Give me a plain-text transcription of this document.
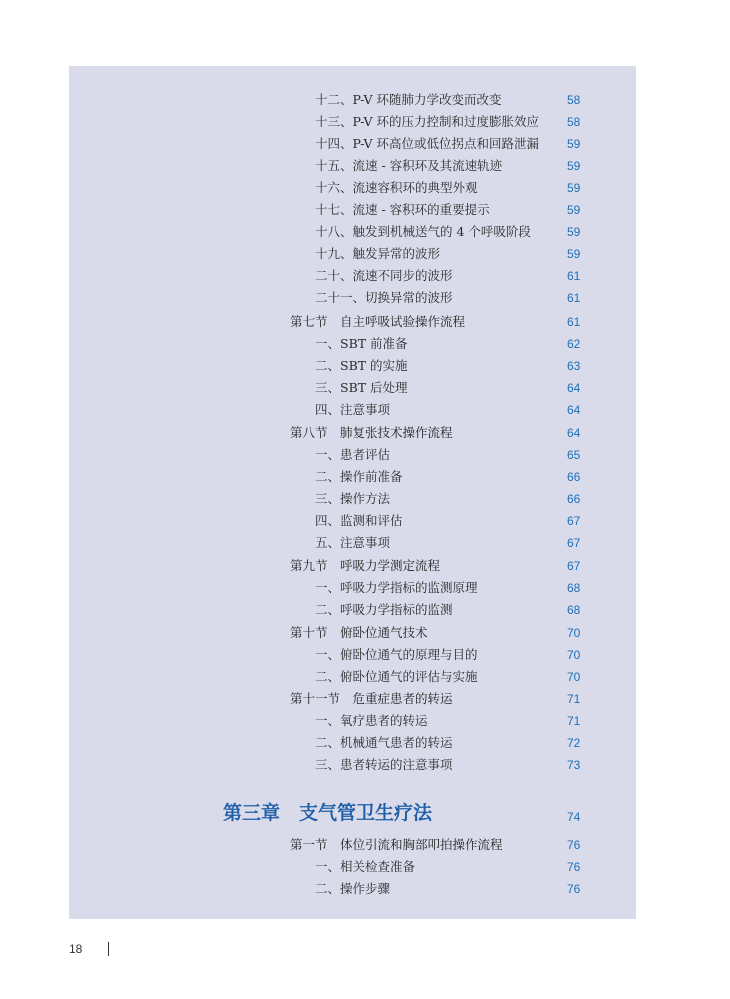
十二、P-V 环随肺力学改变而改变	58
十三、P-V 环的压力控制和过度膨胀效应 58
十四、P-V 环高位或低位拐点和回路泄漏 59
十五、流速 - 容积环及其流速轨迹	59
十六、流速容积环的典型外观	59
十七、流速 - 容积环的重要提示	59
十八、触发到机械送气的 4 个呼吸阶段	59
十九、触发异常的波形	59
二十、流速不同步的波形	61
二十一、切换异常的波形	61
第七节　自主呼吸试验操作流程	61
一、SBT 前准备	62
二、SBT 的实施	63
三、SBT 后处理	64
四、注意事项	64
第八节　肺复张技术操作流程	64
一、患者评估	65
二、操作前准备	66
三、操作方法	66
四、监测和评估	67
五、注意事项	67
第九节　呼吸力学测定流程	67
一、呼吸力学指标的监测原理	68
二、呼吸力学指标的监测	68
第十节　俯卧位通气技术	70
一、俯卧位通气的原理与目的	70
二、俯卧位通气的评估与实施	70
第十一节　危重症患者的转运	71
一、氧疗患者的转运	71
二、机械通气患者的转运	72
三、患者转运的注意事项	73
第三章　支气管卫生疗法	74
第一节　体位引流和胸部叩拍操作流程	76
一、相关检查准备	76
二、操作步骤	76
18
